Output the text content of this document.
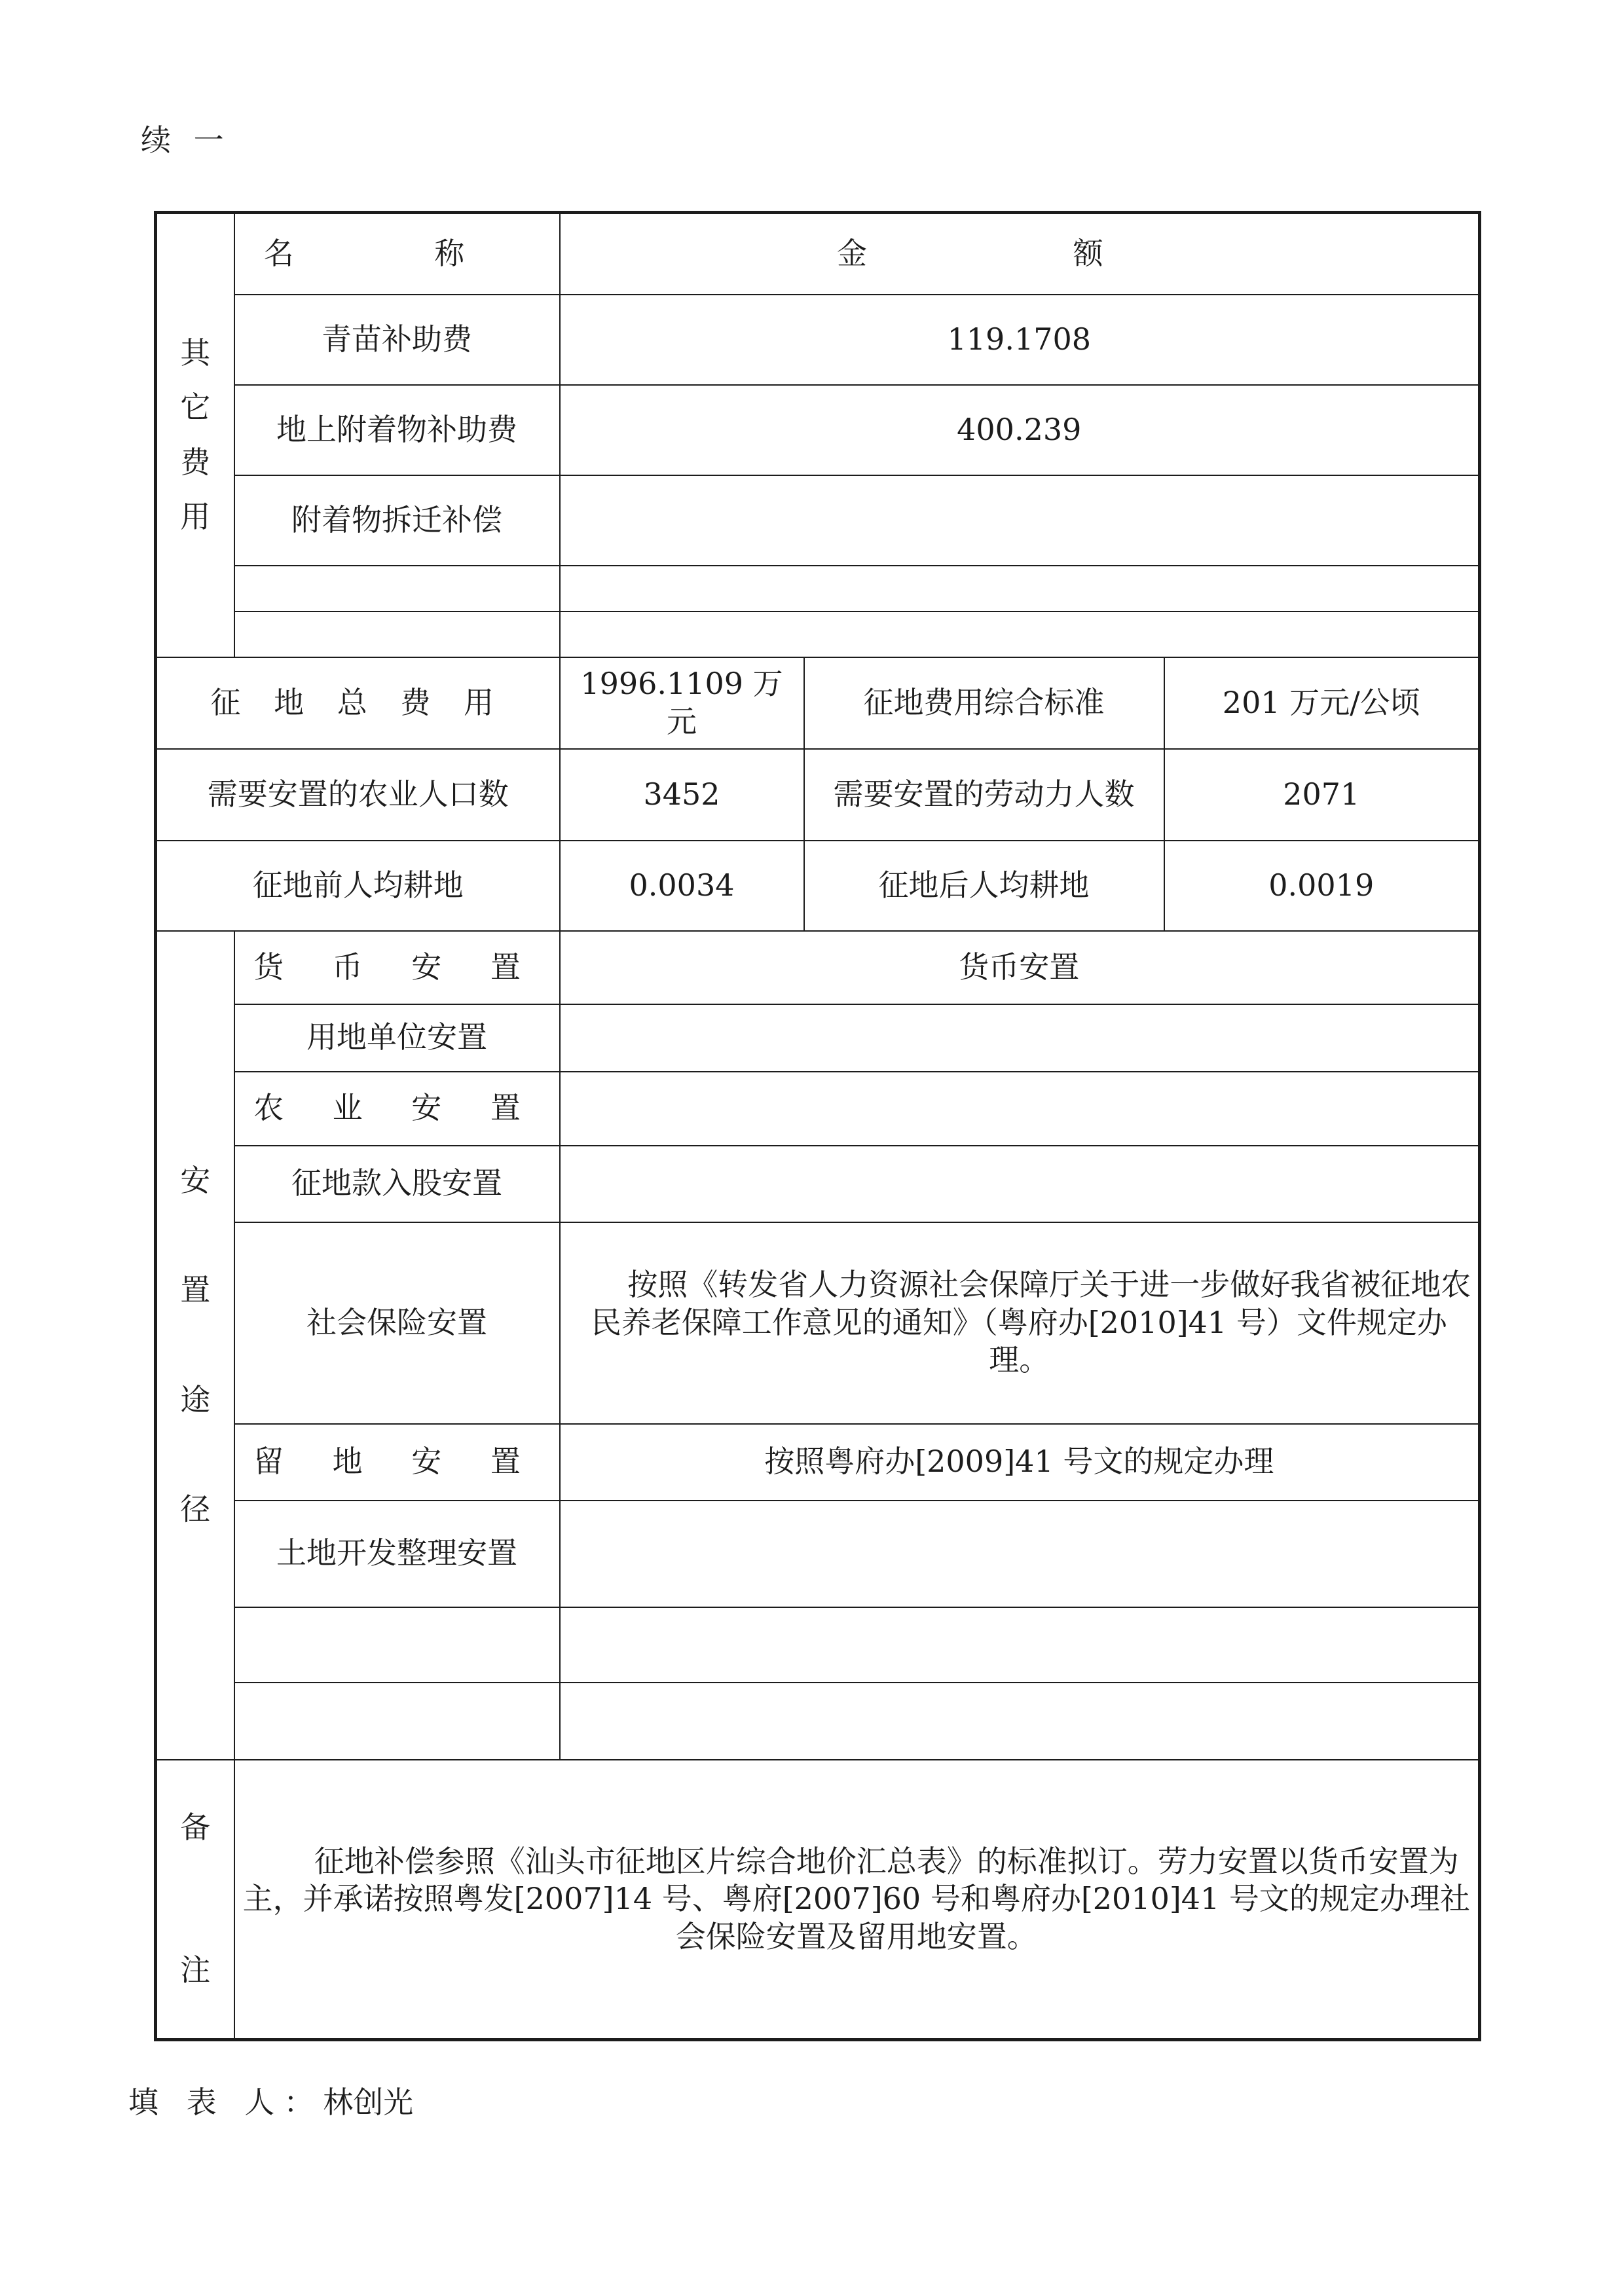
续 一
其
它
费
用	名 称	金 额		
	青苗补助费	119.1708		
	地上附着物补助费	400.239		
	附着物拆迁补偿			

征 地 总 费 用		1996.1109 万元	征地费用综合标准	201 万元/公顷
需要安置的农业人口数		3452	需要安置的劳动力人数	2071
征地前人均耕地		0.0034	征地后人均耕地	0.0019

安
置
途
径	货 币 安 置	货币安置		
	用地单位安置			
	农 业 安 置			
	征地款入股安置			
	社会保险安置	按照《转发省人力资源社会保障厅关于进一步做好我省被征地农民养老保障工作意见的通知》（粤府办[2010]41 号）文件规定办理。		
	留 地 安 置	按照粤府办[2009]41 号文的规定办理		
	土地开发整理安置			

备
注	征地补偿参照《汕头市征地区片综合地价汇总表》的标准拟订。劳力安置以货币安置为主，并承诺按照粤发[2007]14 号、粤府[2007]60 号和粤府办[2010]41 号文的规定办理社会保险安置及留用地安置。			
填 表 人：林创光
